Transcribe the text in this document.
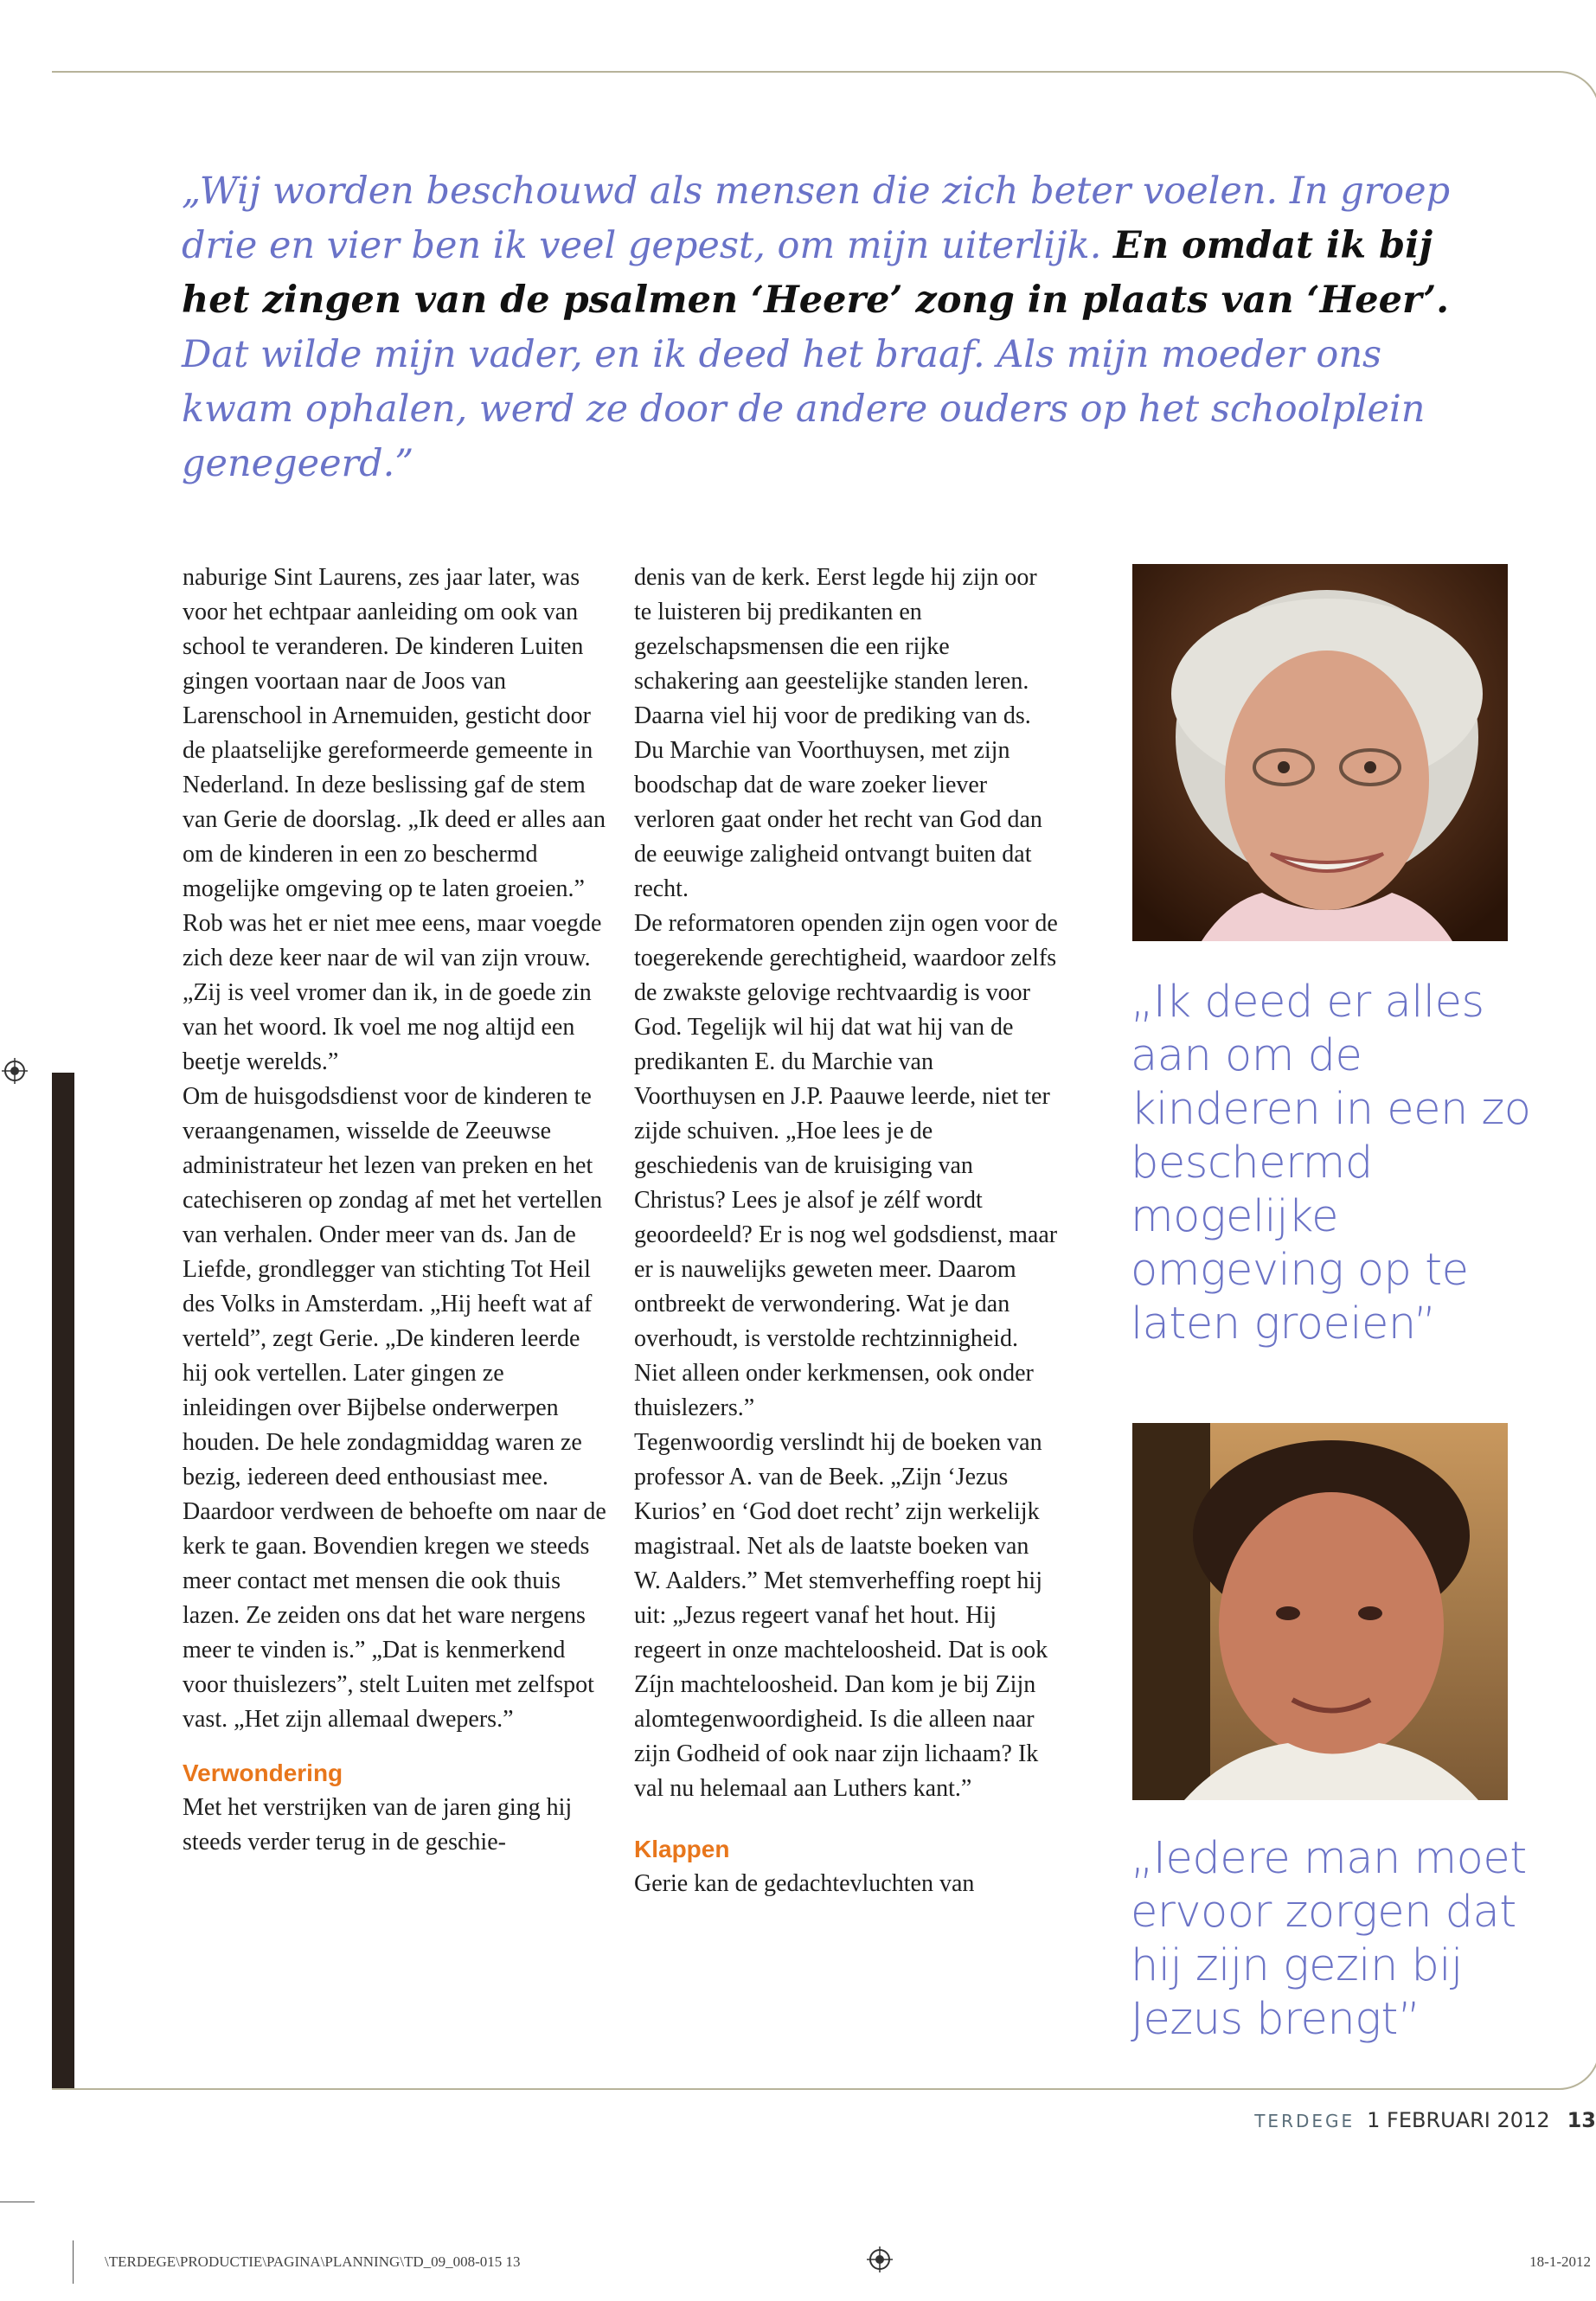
„Wij worden beschouwd als mensen die zich beter voelen. In groep drie en vier ben ik veel gepest, om mijn uiterlijk. En omdat ik bij het zingen van de psalmen ‘Heere’ zong in plaats van ‘Heer’. Dat wilde mijn vader, en ik deed het braaf. Als mijn moeder ons kwam ophalen, werd ze door de andere ouders op het schoolplein genegeerd.”

naburige Sint Laurens, zes jaar later, was voor het echtpaar aanleiding om ook van school te veranderen. De kinderen Luiten gingen voortaan naar de Joos van Larenschool in Arnemuiden, gesticht door de plaatselijke gereformeerde gemeente in Nederland. In deze beslissing gaf de stem van Gerie de doorslag. „Ik deed er alles aan om de kinderen in een zo beschermd mogelijke omgeving op te laten groeien.” Rob was het er niet mee eens, maar voegde zich deze keer naar de wil van zijn vrouw. „Zij is veel vromer dan ik, in de goede zin van het woord. Ik voel me nog altijd een beetje werelds.”

Om de huisgodsdienst voor de kinderen te veraangenamen, wisselde de Zeeuwse administrateur het lezen van preken en het catechiseren op zondag af met het vertellen van verhalen. Onder meer van ds. Jan de Liefde, grondlegger van stichting Tot Heil des Volks in Amsterdam. „Hij heeft wat af verteld”, zegt Gerie. „De kinderen leerde hij ook vertellen. Later gingen ze inleidingen over Bijbelse onderwerpen houden. De hele zondagmiddag waren ze bezig, iedereen deed enthousiast mee. Daardoor verdween de behoefte om naar de kerk te gaan. Bovendien kregen we steeds meer contact met mensen die ook thuis lazen. Ze zeiden ons dat het ware nergens meer te vinden is.” „Dat is kenmerkend voor thuislezers”, stelt Luiten met zelfspot vast. „Het zijn allemaal dwepers.”

Verwondering

Met het verstrijken van de jaren ging hij steeds verder terug in de geschie-

denis van de kerk. Eerst legde hij zijn oor te luisteren bij predikanten en gezelschapsmensen die een rijke schakering aan geestelijke standen leren. Daarna viel hij voor de prediking van ds. Du Marchie van Voorthuysen, met zijn boodschap dat de ware zoeker liever verloren gaat onder het recht van God dan de eeuwige zaligheid ontvangt buiten dat recht.

De reformatoren openden zijn ogen voor de toegerekende gerechtigheid, waardoor zelfs de zwakste gelovige rechtvaardig is voor God. Tegelijk wil hij dat wat hij van de predikanten E. du Marchie van Voorthuysen en J.P. Paauwe leerde, niet ter zijde schuiven. „Hoe lees je de geschiedenis van de kruisiging van Christus? Lees je alsof je zélf wordt geoordeeld? Er is nog wel godsdienst, maar er is nauwelijks geweten meer. Daarom ontbreekt de verwondering. Wat je dan overhoudt, is verstolde rechtzinnigheid. Niet alleen onder kerkmensen, ook onder thuislezers.”

Tegenwoordig verslindt hij de boeken van professor A. van de Beek. „Zijn ‘Jezus Kurios’ en ‘God doet recht’ zijn werkelijk magistraal. Net als de laatste boeken van W. Aalders.” Met stemverheffing roept hij uit: „Jezus regeert vanaf het hout. Hij regeert in onze machteloosheid. Dat is ook Zíjn machteloosheid. Dan kom je bij Zijn alomtegenwoordigheid. Is die alleen naar zijn Godheid of ook naar zijn lichaam? Ik val nu helemaal aan Luthers kant.”

Klappen

Gerie kan de gedachtevluchten van

„Ik deed er alles aan om de kinderen in een zo beschermd mogelijke omgeving op te laten groeien”
„Iedere man moet ervoor zorgen dat hij zijn gezin bij Jezus brengt”
TERDEGE 1 FEBRUARI 2012 13
\TERDEGE\PRODUCTIE\PAGINA\PLANNING\TD_09_008-015 13	18-1-2012
